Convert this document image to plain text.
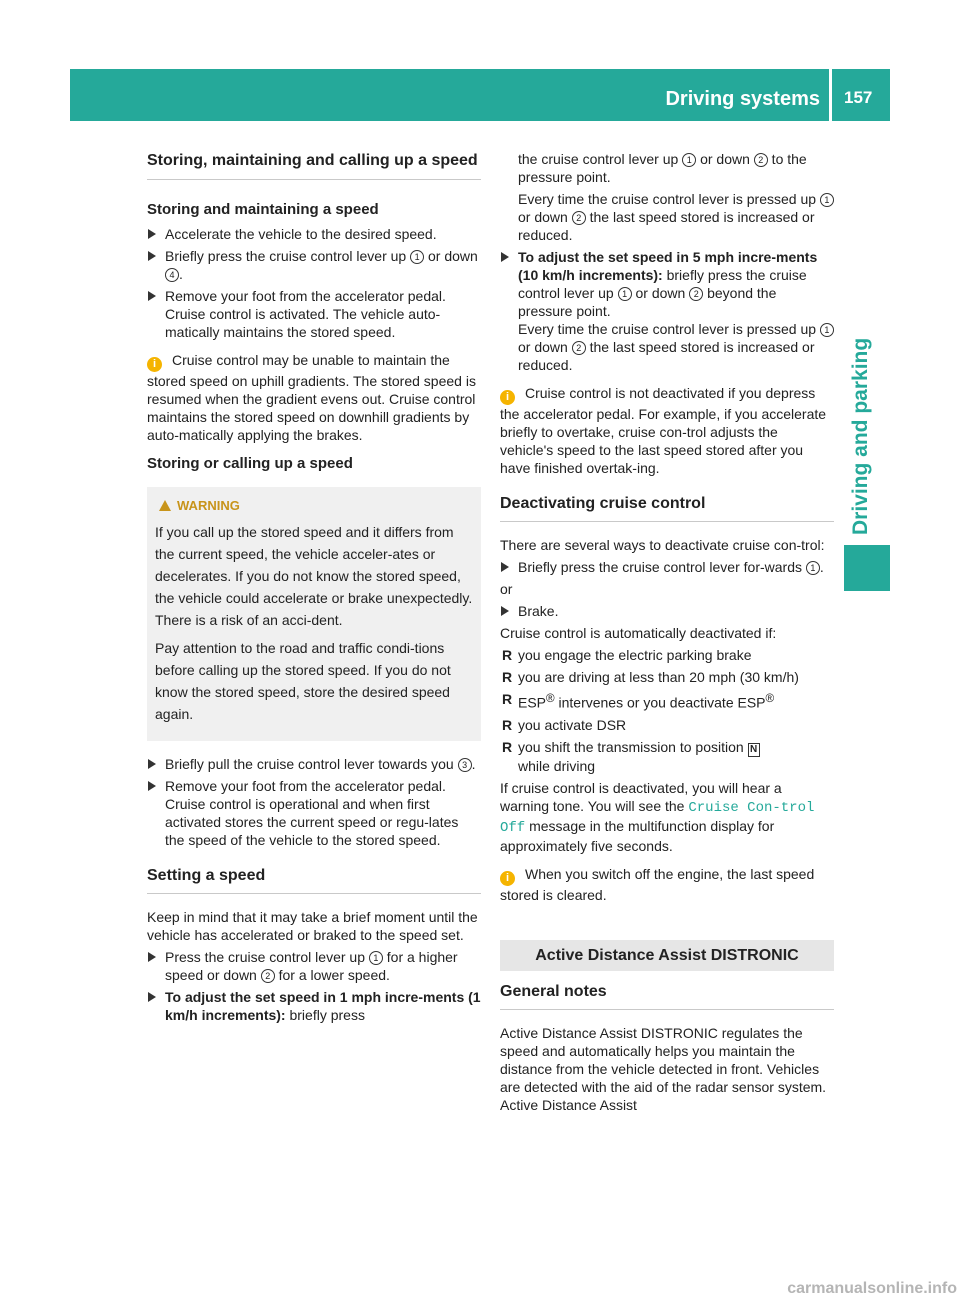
Driving systems 157
Driving and parking
Storing, maintaining and calling up a speed
Storing and maintaining a speed
Accelerate the vehicle to the desired speed.
Briefly press the cruise control lever up 1 or down 4 .
Remove your foot from the accelerator pedal. Cruise control is activated. The vehicle auto-matically maintains the stored speed.
i Cruise control may be unable to maintain the stored speed on uphill gradients. The stored speed is resumed when the gradient evens out. Cruise control maintains the stored speed on downhill gradients by auto-matically applying the brakes.
Storing or calling up a speed
WARNING

If you call up the stored speed and it differs from the current speed, the vehicle acceler-ates or decelerates. If you do not know the stored speed, the vehicle could accelerate or brake unexpectedly. There is a risk of an acci-dent.

Pay attention to the road and traffic condi-tions before calling up the stored speed. If you do not know the stored speed, store the desired speed again.

Briefly pull the cruise control lever towards you 3 .
Remove your foot from the accelerator pedal. Cruise control is operational and when first activated stores the current speed or regu-lates the speed of the vehicle to the stored speed.
Setting a speed

Keep in mind that it may take a brief moment until the vehicle has accelerated or braked to the speed set.

Press the cruise control lever up 1 for a higher speed or down 2 for a lower speed.
To adjust the set speed in 1 mph incre-ments (1 km/h increments): briefly press

the cruise control lever up 1 or down 2 to the pressure point.

Every time the cruise control lever is pressed up 1 or down 2 the last speed stored is increased or reduced.

To adjust the set speed in 5 mph incre-ments (10 km/h increments): briefly press the cruise control lever up 1 or down 2 beyond the pressure point.
Every time the cruise control lever is pressed up 1 or down 2 the last speed stored is increased or reduced.
i Cruise control is not deactivated if you depress the accelerator pedal. For example, if you accelerate briefly to overtake, cruise con-trol adjusts the vehicle's speed to the last speed stored after you have finished overtak-ing.
Deactivating cruise control

There are several ways to deactivate cruise con-trol:

Briefly press the cruise control lever for-wards 1 .

or

Brake.

Cruise control is automatically deactivated if:

R you engage the electric parking brake
R you are driving at less than 20 mph (30 km/h)
R ESP® intervenes or you deactivate ESP®
R you activate DSR
R you shift the transmission to position N
while driving

If cruise control is deactivated, you will hear a warning tone. You will see the Cruise Con-trol Off message in the multifunction display for approximately five seconds.

i When you switch off the engine, the last speed stored is cleared.
Active Distance Assist DISTRONIC
General notes

Active Distance Assist DISTRONIC regulates the speed and automatically helps you maintain the distance from the vehicle detected in front. Vehicles are detected with the aid of the radar sensor system. Active Distance Assist

carmanualsonline.info
